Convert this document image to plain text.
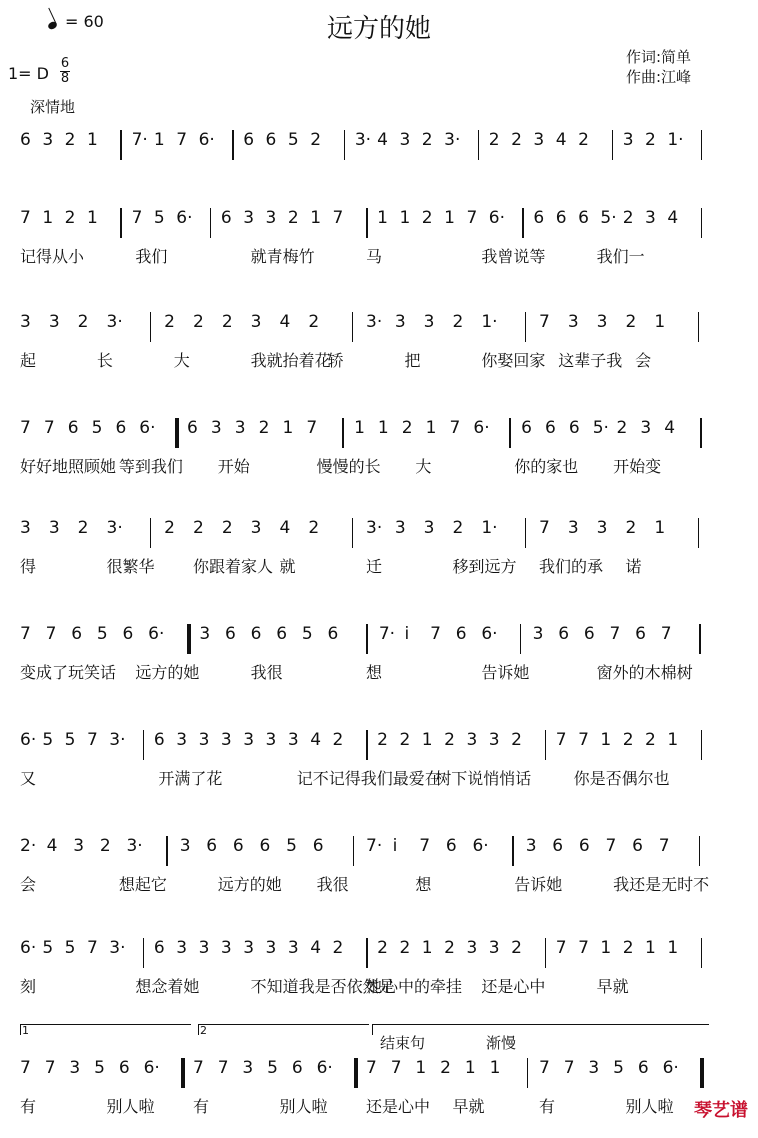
= 60	远方的她
作词:简单
作曲:江峰
1= D
6
8
深情地
6 3 2 1 7· 1 7 6· 6 6 5 2 3· 4 3 2 3· 2 2 3 4 2 3 2 1·
7 1 2 1 7 5 6· 6 3 3 2 1 7 1 1 2 1 7 6· 6 6 6 5· 2 3 4
记得从小	我们	就青梅竹	马	我曾说等	我们一
3 3 2 3· 2 2 2 3 4 2	3· 3 3 2 1· 7 3 3 2 1
起	长	大	我就抬着花
轿	把	你娶回家 这辈子我 会
7 7 6 5 6 6· 6 3 3 2 1 7 1 1 2 1 7 6· 6 6 6 5· 2 3 4
好好地照顾她 等到我们 开始	慢慢的长 大	你的家也 开始变
3 3 2 3· 2 2 2 3 4 2	3· 3 3 2 1· 7 3 3 2 1
得	很繁华 你跟着家人 就	迁	移到远方 我们的承 诺
7 7 6 5 6 6· 3 6 6 6 5 6 7· i 7 6 6· 3 6 6 7 6 7
变成了玩笑话 远方的她	我很	想	告诉她	窗外的木棉树
6· 5 5 7 3· 6 3 3 3 3 3 3 4 2 2 2 1 2 3 3 2 7 7 1 2 2 1
又	开满了花	记不记得我们最爱在
树下说悄悄话	你是否偶尔也
2· 4 3 2 3· 3 6 6 6 5 6 7· i 7 6 6· 3 6 6 7 6 7
会	想起它	远方的她 我很	想	告诉她	我还是无时不
6· 5 5 7 3· 6 3 3 3 3 3 3 4 2 2 2 1 2 3 3 2 7 7 1 2 1 1
刻	想念着她	不知道我是否依然是
她心中的牵挂 还是心中	早就
7 7 3 5 6 6· 7 7 3 5 6 6· 7 7 1 2 1 1 7 7 3 5 6 6·
有	别人啦 有	别人啦 还是心中 早就	有	别人啦
1	2
结束句	渐慢
琴艺谱
